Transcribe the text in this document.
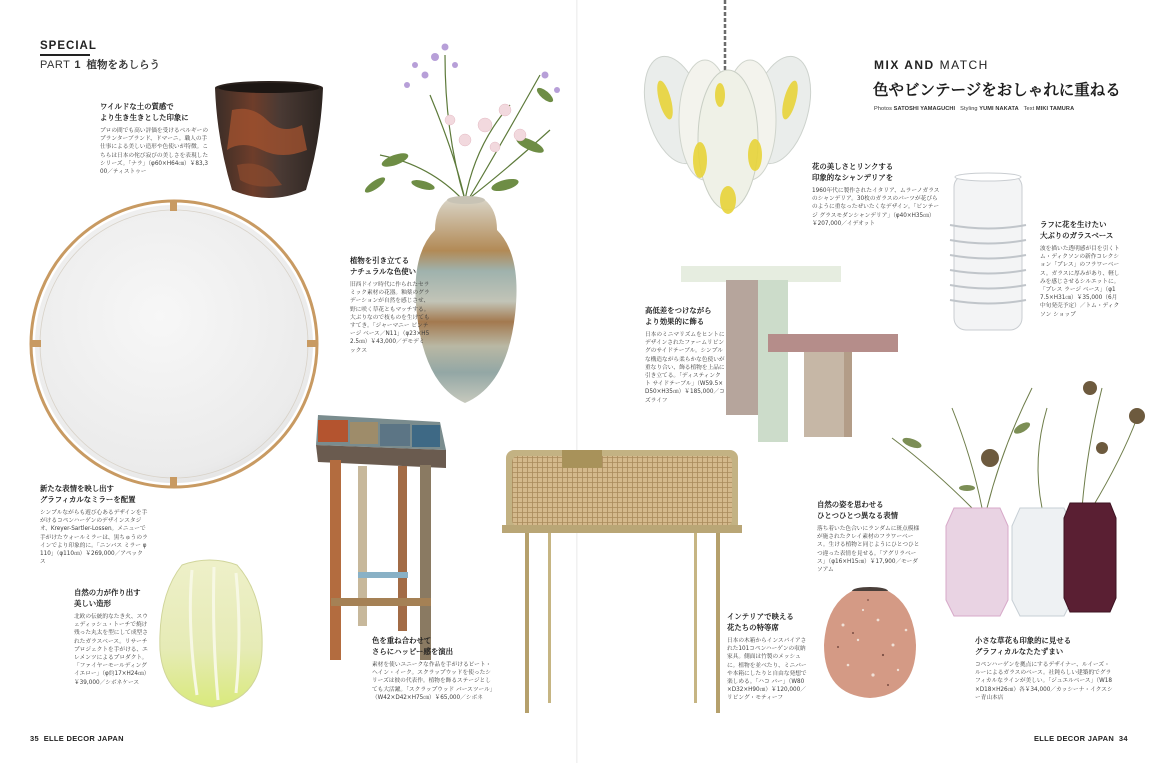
SPECIAL
PART 1 植物をあしらう	MIX AND MATCH
色やビンテージをおしゃれに重ねる
Photos SATOSHI YAMAGUCHI Styling YUMI NAKATA Text MIKI TAMURA
ワイルドな土の質感で
より生き生きとした印象に

プロの間でも高い評価を受けるベルギーのプランターブランド、ドマーニ。職人の手仕事による美しい造形や色使いが特徴。こちらは日本の侘び寂びの美しさを表現したシリーズ。「ナラ」（φ60×H64㎝）￥83,300／ティストゥー

植物を引き立てる
ナチュラルな色使い

旧西ドイツ時代に作られたセラミック素材の花器。釉薬のグラデーションが自然を感じさせ、野に咲く草花ともマッチする。大ぶりなので枝ものを生けてもすてき。「ジャーマニー ビンテージ ベース／N11」（φ23×H52.5㎝）￥43,000／デモデミックス

新たな表情を映し出す
グラフィカルなミラーを配置

シンプルながらも遊び心あるデザインを手がけるコペンハーゲンのデザインスタジオ、Kreyer-Sartler-Lossen。メニューで手がけたウォールミラーは、黒ちゅうのラインでより印象的に。「ニンバス ミラー φ110」（φ110㎝）￥269,000／アペックス

自然の力が作り出す
美しい造形

北欧の伝統的なたき火、スウェディッシュ・トーチで焼け残った丸太を型にして成型されたガラスベース。リサーチプロジェクトを手がける、エレメンツによるプロダクト。「ファイヤーモールディング イエロー」（φ約17×H24㎝）￥39,000／シボネケース

色を重ね合わせて
さらにハッピー感を演出

素材を使いユニークな作品を手がけるピート・ヘイン・イーク。スクラップウッドを使ったシリーズは彼の代表作。植物を飾るステージとしても大活躍。「スクラップウッド バースツール」（W42×D42×H75㎝）￥65,000／シボネ

花の美しさとリンクする
印象的なシャンデリアを

1960年代に製作されたイタリア、ムラーノガラスのシャンデリア。30枚のガラスのパーツが花びらのように重なったぜいたくなデザイン。「ビンテージ グラスモダンシャンデリア」（φ40×H35㎝）￥207,000／イデオット	ラフに花を生けたい
大ぶりのガラスベース

波を描いた透明感が目を引くトム・ディクソンの新作コレクション「プレス」のフラワーベース。ガラスに厚みがあり、軽しみを感じさせるシルエットに。「プレス ラージ ベース」（φ17.5×H31㎝）￥35,000（6月中旬発売予定）／トム・ディクソン ショップ

高低差をつけながら
より効果的に飾る

日本のミニマリズムをヒントにデザインされたファームリビングのサイドテーブル。シンプルな構造ながら柔らかな色使いが重なり合い、飾る植物を上品に引き立てる。「ディスティンクト サイドテーブル」（W59.5×D50×H35㎝）￥185,000／コズライフ

インテリアで映える
花たちの特等席

日本の木箱からインスパイアされた101コペンハーゲンの収納家具。側面は竹製のメッシュに。植物を並べたり、ミニバーや本箱にしたりと自由な発想で楽しめる。「ハコ バー」（W80×D32×H90㎝）￥120,000／リビング・モティーフ

自然の姿を思わせる
ひとつひとつ異なる表情

落ち着いた色合いにランダムに斑点模様が施されたクレイ素材のフラワーベース。生ける植物と同じようにひとつひとつ違った表情を見せる。「アグリラベース」（φ16×H15㎝）￥17,900／モーダ ソアム

小さな草花も印象的に見せる
グラフィカルなたたずまい

コペンハーゲンを拠点にするデザイナー、ルイーズ・ルーによるガラスのベース。社鈍らしい建築的でグラフィカルなラインが美しい。「ジュエルベース」（W18×D18×H26㎝）各￥34,000／カッシーナ・イクスシー青山本店

35 ELLE DECOR JAPAN	ELLE DECOR JAPAN 34
